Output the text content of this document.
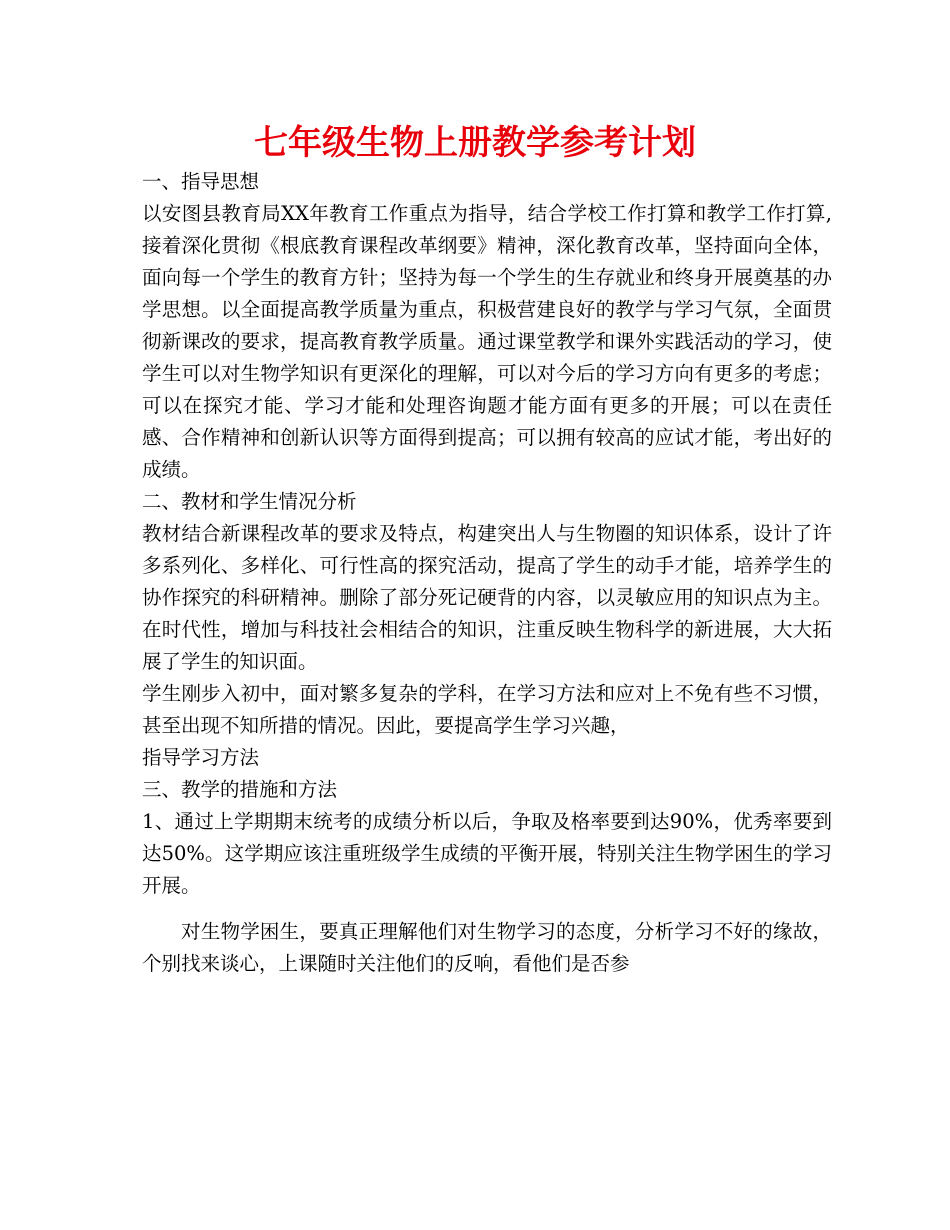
七年级生物上册教学参考计划

一、指导思想

以安图县教育局XX年教育工作重点为指导，结合学校工作打算和教学工作打算,接着深化贯彻《根底教育课程改革纲要》精神，深化教育改革，坚持面向全体，面向每一个学生的教育方针；坚持为每一个学生的生存就业和终身开展奠基的办学思想。以全面提高教学质量为重点，积极营建良好的教学与学习气氛，全面贯彻新课改的要求，提高教育教学质量。通过课堂教学和课外实践活动的学习，使学生可以对生物学知识有更深化的理解，可以对今后的学习方向有更多的考虑；可以在探究才能、学习才能和处理咨询题才能方面有更多的开展；可以在责任感、合作精神和创新认识等方面得到提高；可以拥有较高的应试才能，考出好的成绩。

二、教材和学生情况分析

教材结合新课程改革的要求及特点，构建突出人与生物圈的知识体系，设计了许多系列化、多样化、可行性高的探究活动，提高了学生的动手才能，培养学生的协作探究的科研精神。删除了部分死记硬背的内容，以灵敏应用的知识点为主。在时代性，增加与科技社会相结合的知识，注重反映生物科学的新进展，大大拓展了学生的知识面。

学生刚步入初中，面对繁多复杂的学科，在学习方法和应对上不免有些不习惯，甚至出现不知所措的情况。因此，要提高学生学习兴趣，

指导学习方法

三、教学的措施和方法

1、通过上学期期末统考的成绩分析以后，争取及格率要到达90%，优秀率要到达50%。这学期应该注重班级学生成绩的平衡开展，特别关注生物学困生的学习开展。

对生物学困生，要真正理解他们对生物学习的态度，分析学习不好的缘故，个别找来谈心，上课随时关注他们的反响，看他们是否参
